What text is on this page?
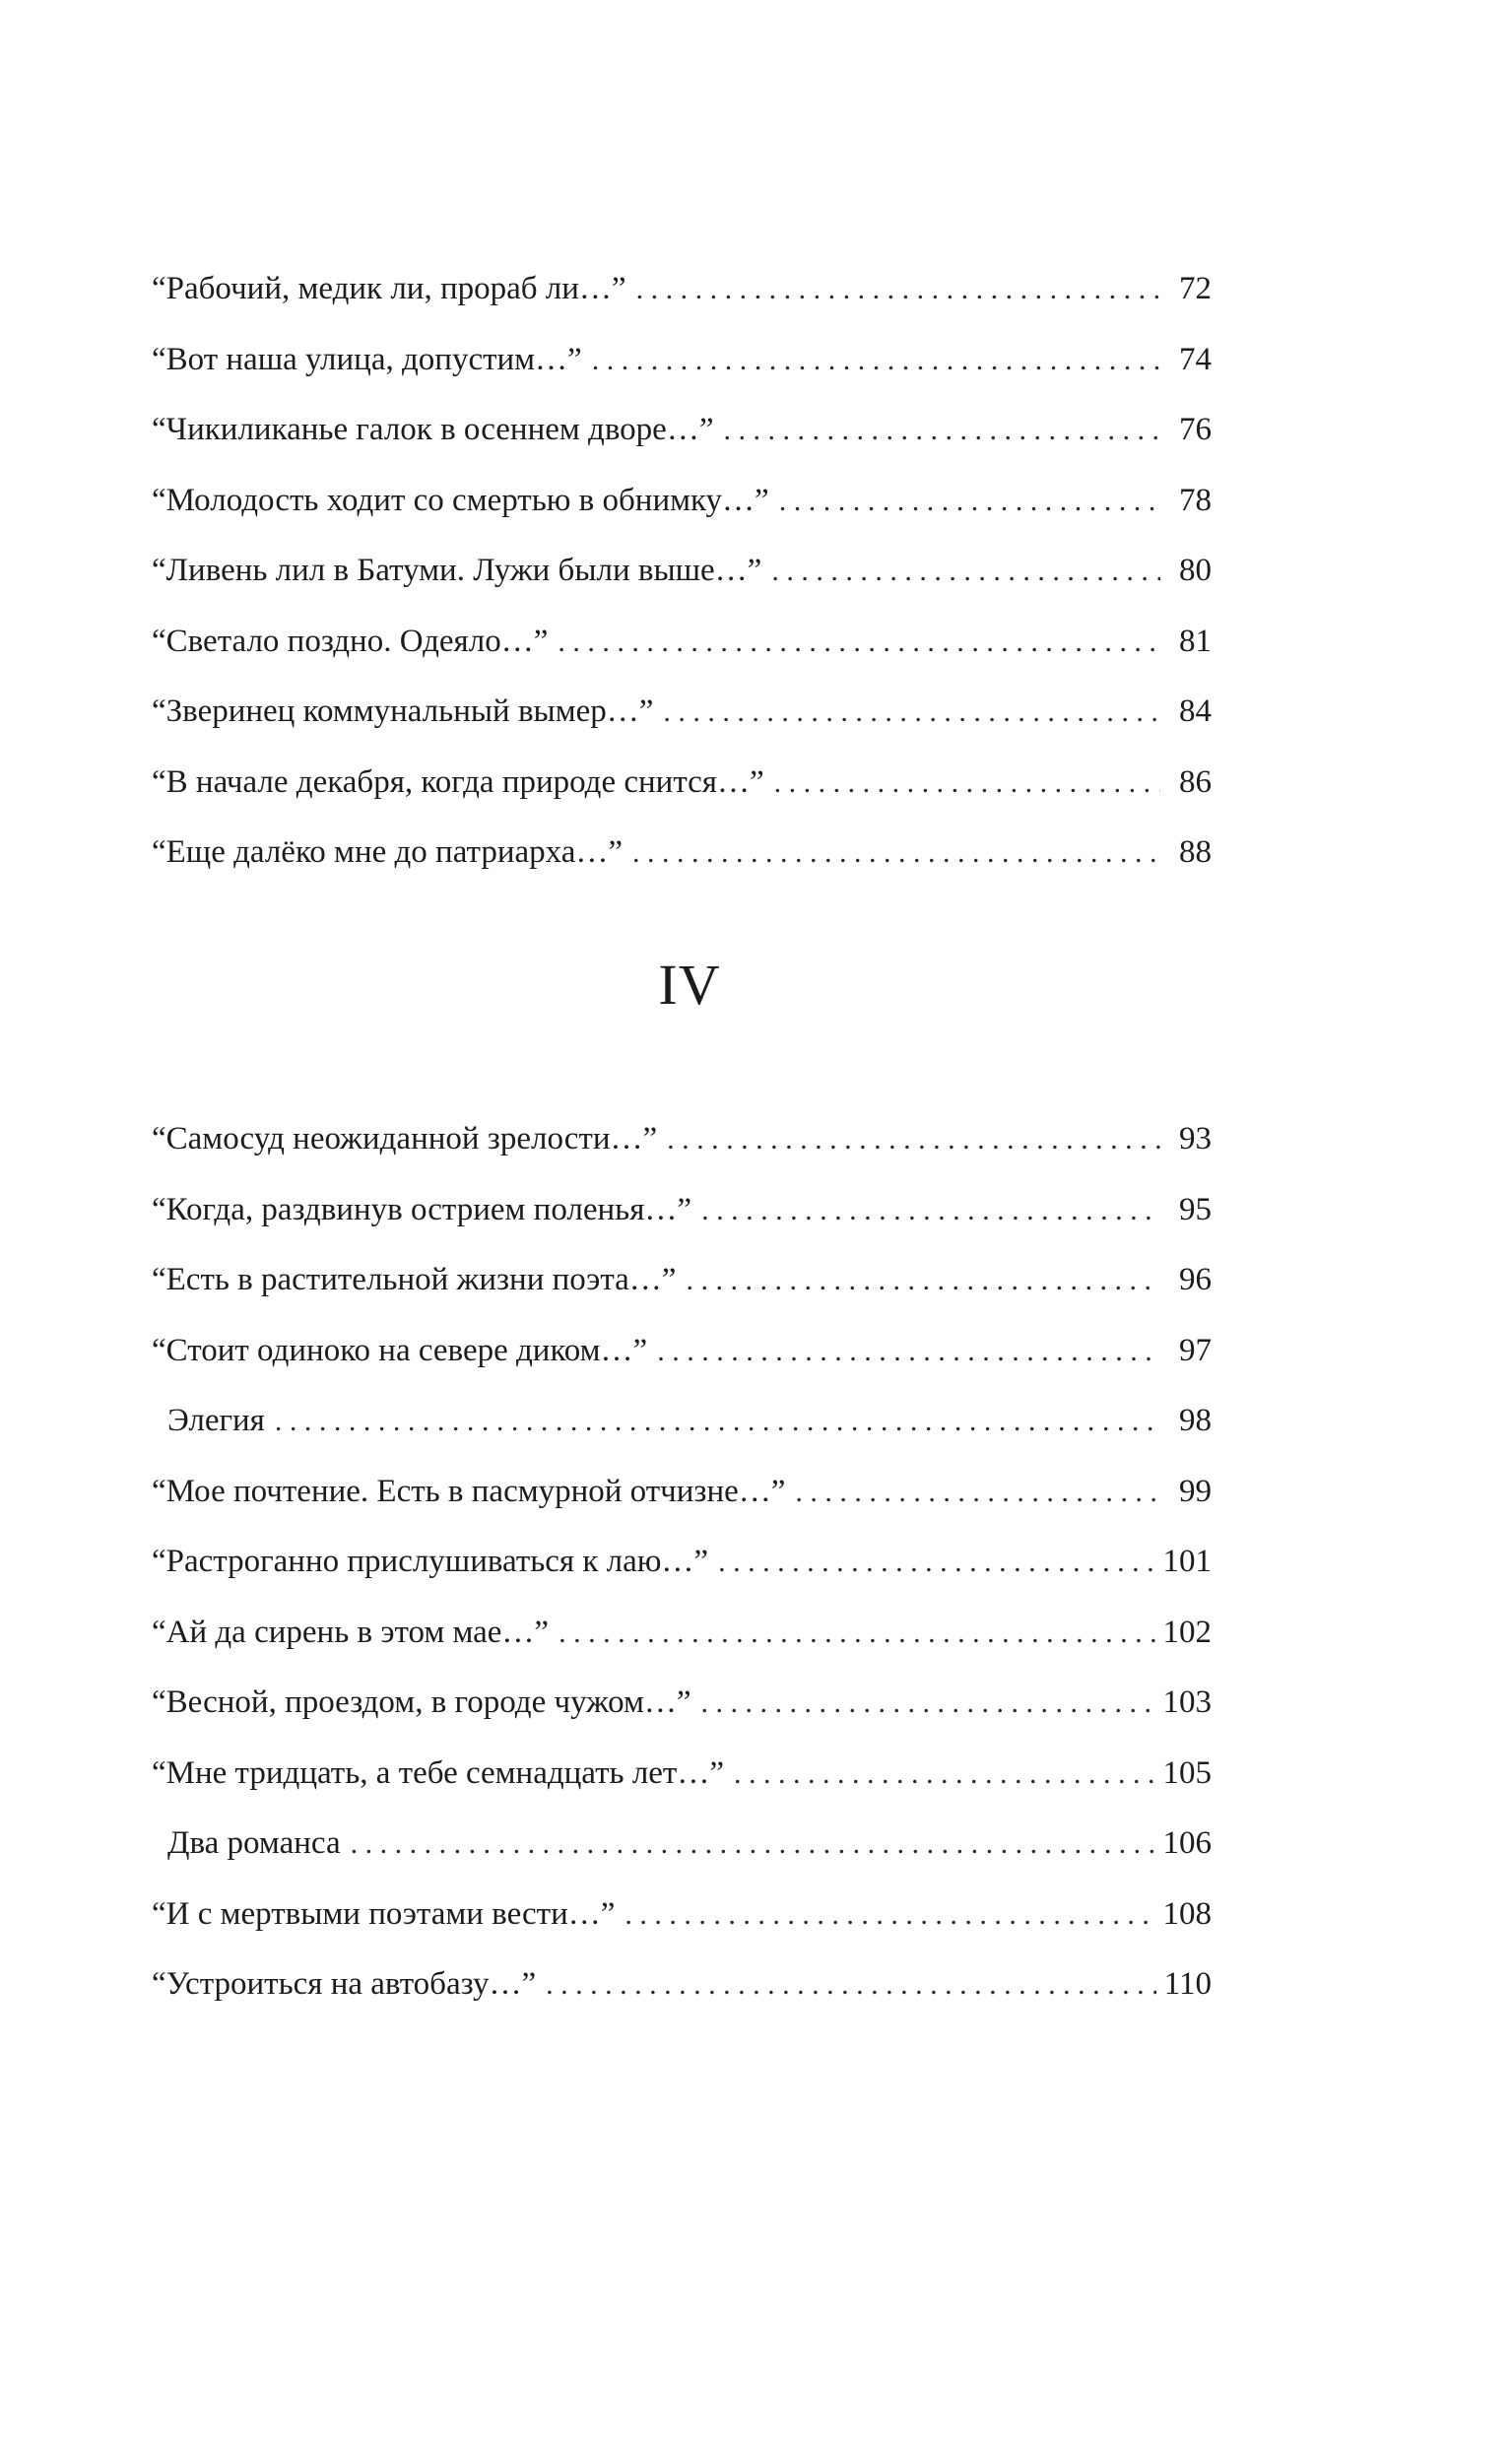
“Рабочий, медик ли, прораб ли…” . . .	72
“Вот наша улица, допустим…” . . .	74
“Чикиликанье галок в осеннем дворе…” . . .	76
“Молодость ходит со смертью в обнимку…” . . .	78
“Ливень лил в Батуми. Лужи были выше…” . . .	80
“Светало поздно. Одеяло…” . . .	81
“Зверинец коммунальный вымер…” . . .	84
“В начале декабря, когда природе снится…” . . .	86
“Еще далёко мне до патриарха…” . . .	88
IV
“Самосуд неожиданной зрелости…” . . .	93
“Когда, раздвинув острием поленья…” . . .	95
“Есть в растительной жизни поэта…” . . .	96
“Стоит одиноко на севере диком…” . . .	97
Элегия . . .	98
“Мое почтение. Есть в пасмурной отчизне…” . . .	99
“Растроганно прислушиваться к лаю…” . . .	101
“Ай да сирень в этом мае…” . . .	102
“Весной, проездом, в городе чужом…” . . .	103
“Мне тридцать, а тебе семнадцать лет…” . . .	105
Два романса . . .	106
“И с мертвыми поэтами вести…” . . .	108
“Устроиться на автобазу…” . . .	110
